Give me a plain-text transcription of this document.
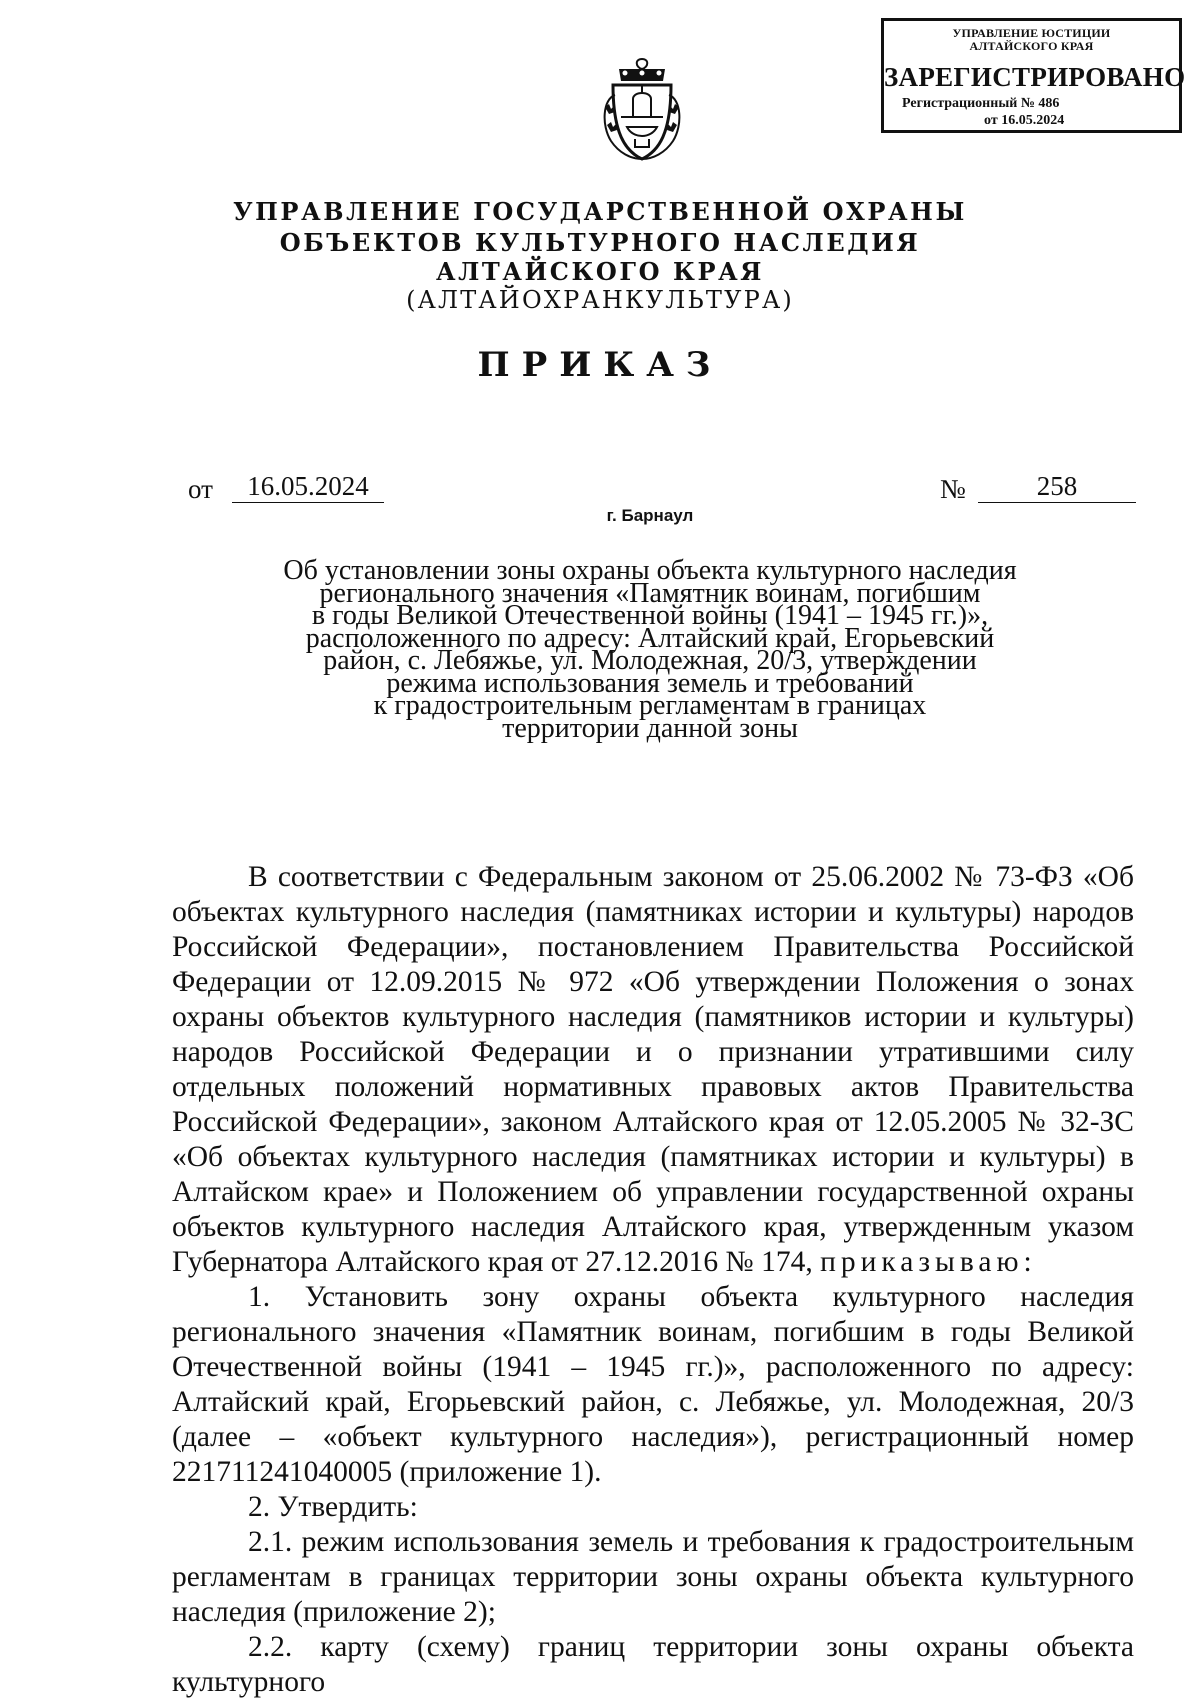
УПРАВЛЕНИЕ ЮСТИЦИИ
АЛТАЙСКОГО КРАЯ
ЗАРЕГИСТРИРОВАНО
Регистрационный № 486
от 16.05.2024
УПРАВЛЕНИЕ ГОСУДАРСТВЕННОЙ ОХРАНЫ
ОБЪЕКТОВ КУЛЬТУРНОГО НАСЛЕДИЯ
АЛТАЙСКОГО КРАЯ
(АЛТАЙОХРАНКУЛЬТУРА)
ПРИКАЗ
от	16.05.2024	№	258
г. Барнаул
Об установлении зоны охраны объекта культурного наследия
регионального значения «Памятник воинам, погибшим
в годы Великой Отечественной войны (1941 – 1945 гг.)»,
расположенного по адресу: Алтайский край, Егорьевский
район, с. Лебяжье, ул. Молодежная, 20/3, утверждении
режима использования земель и требований
к градостроительным регламентам в границах
территории данной зоны

В соответствии с Федеральным законом от 25.06.2002 № 73-ФЗ «Об объектах культурного наследия (памятниках истории и культуры) народов Российской Федерации», постановлением Правительства Российской Федерации от 12.09.2015 № 972 «Об утверждении Положения о зонах охраны объектов культурного наследия (памятников истории и культуры) народов Российской Федерации и о признании утратившими силу отдельных положений нормативных правовых актов Правительства Российской Федерации», законом Алтайского края от 12.05.2005 № 32-ЗС «Об объектах культурного наследия (памятниках истории и культуры) в Алтайском крае» и Положением об управлении государственной охраны объектов культурного наследия Алтайского края, утвержденным указом Губернатора Алтайского края от 27.12.2016 № 174, приказываю:

1. Установить зону охраны объекта культурного наследия регионального значения «Памятник воинам, погибшим в годы Великой Отечественной войны (1941 – 1945 гг.)», расположенного по адресу: Алтайский край, Егорьевский район, с. Лебяжье, ул. Молодежная, 20/3 (далее – «объект культурного наследия»), регистрационный номер 221711241040005 (приложение 1).

2. Утвердить:

2.1. режим использования земель и требования к градостроительным регламентам в границах территории зоны охраны объекта культурного наследия (приложение 2);

2.2. карту (схему) границ территории зоны охраны объекта культурного
